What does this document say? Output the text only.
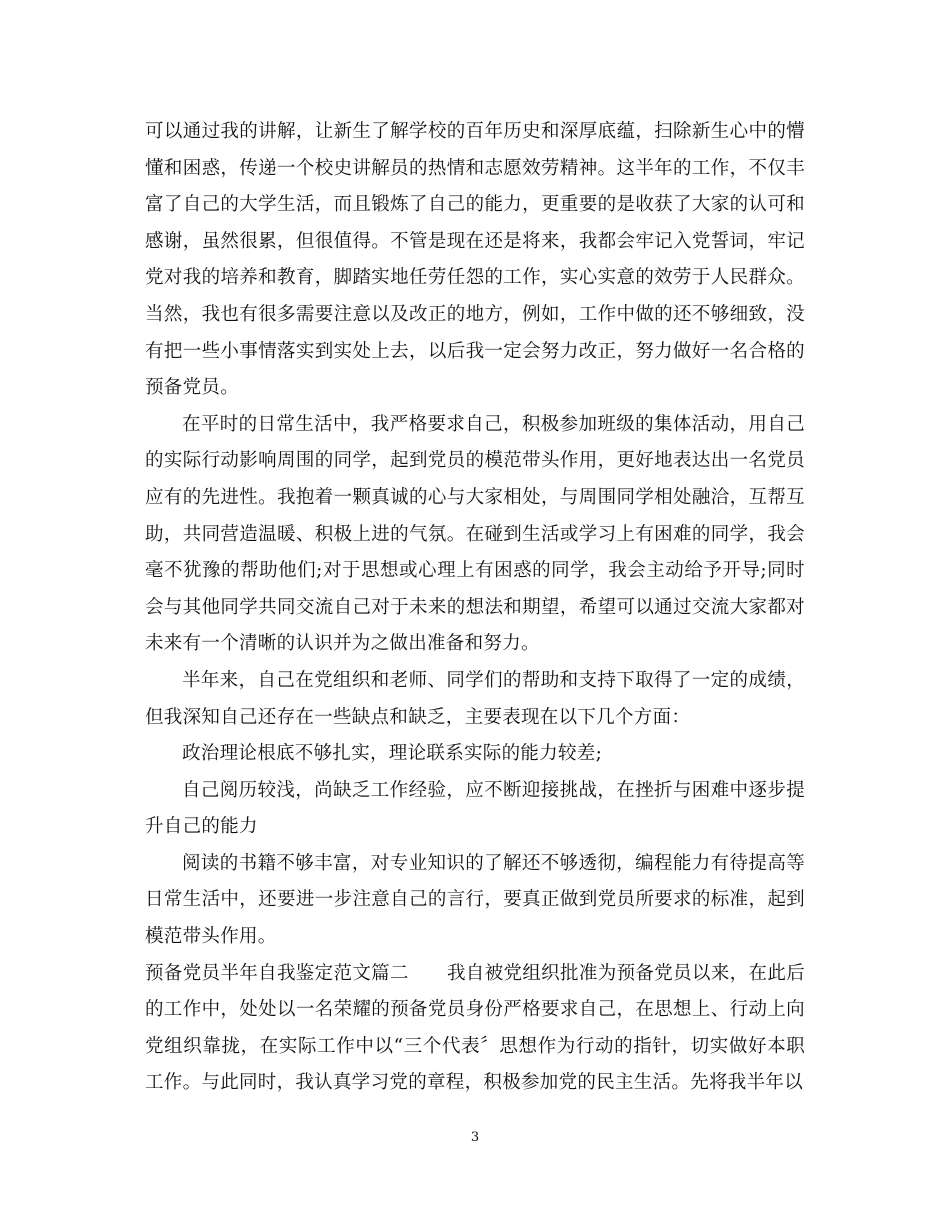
可以通过我的讲解，让新生了解学校的百年历史和深厚底蕴，扫除新生心中的懵懂和困惑，传递一个校史讲解员的热情和志愿效劳精神。这半年的工作，不仅丰富了自己的大学生活，而且锻炼了自己的能力，更重要的是收获了大家的认可和感谢，虽然很累，但很值得。不管是现在还是将来，我都会牢记入党誓词，牢记党对我的培养和教育，脚踏实地任劳任怨的工作，实心实意的效劳于人民群众。当然，我也有很多需要注意以及改正的地方，例如，工作中做的还不够细致，没有把一些小事情落实到实处上去，以后我一定会努力改正，努力做好一名合格的预备党员。

在平时的日常生活中，我严格要求自己，积极参加班级的集体活动，用自己的实际行动影响周围的同学，起到党员的模范带头作用，更好地表达出一名党员应有的先进性。我抱着一颗真诚的心与大家相处，与周围同学相处融洽，互帮互助，共同营造温暖、积极上进的气氛。在碰到生活或学习上有困难的同学，我会毫不犹豫的帮助他们;对于思想或心理上有困惑的同学，我会主动给予开导;同时会与其他同学共同交流自己对于未来的想法和期望，希望可以通过交流大家都对未来有一个清晰的认识并为之做出准备和努力。

半年来，自己在党组织和老师、同学们的帮助和支持下取得了一定的成绩，但我深知自己还存在一些缺点和缺乏，主要表现在以下几个方面：

政治理论根底不够扎实，理论联系实际的能力较差;

自己阅历较浅，尚缺乏工作经验，应不断迎接挑战，在挫折与困难中逐步提升自己的能力

阅读的书籍不够丰富，对专业知识的了解还不够透彻，编程能力有待提高等日常生活中，还要进一步注意自己的言行，要真正做到党员所要求的标准，起到模范带头作用。

预备党员半年自我鉴定范文篇二 我自被党组织批准为预备党员以来，在此后的工作中，处处以一名荣耀的预备党员身份严格要求自己，在思想上、行动上向党组织靠拢，在实际工作中以“三个代表〞思想作为行动的指针，切实做好本职工作。与此同时，我认真学习党的章程，积极参加党的民主生活。先将我半年以

3
